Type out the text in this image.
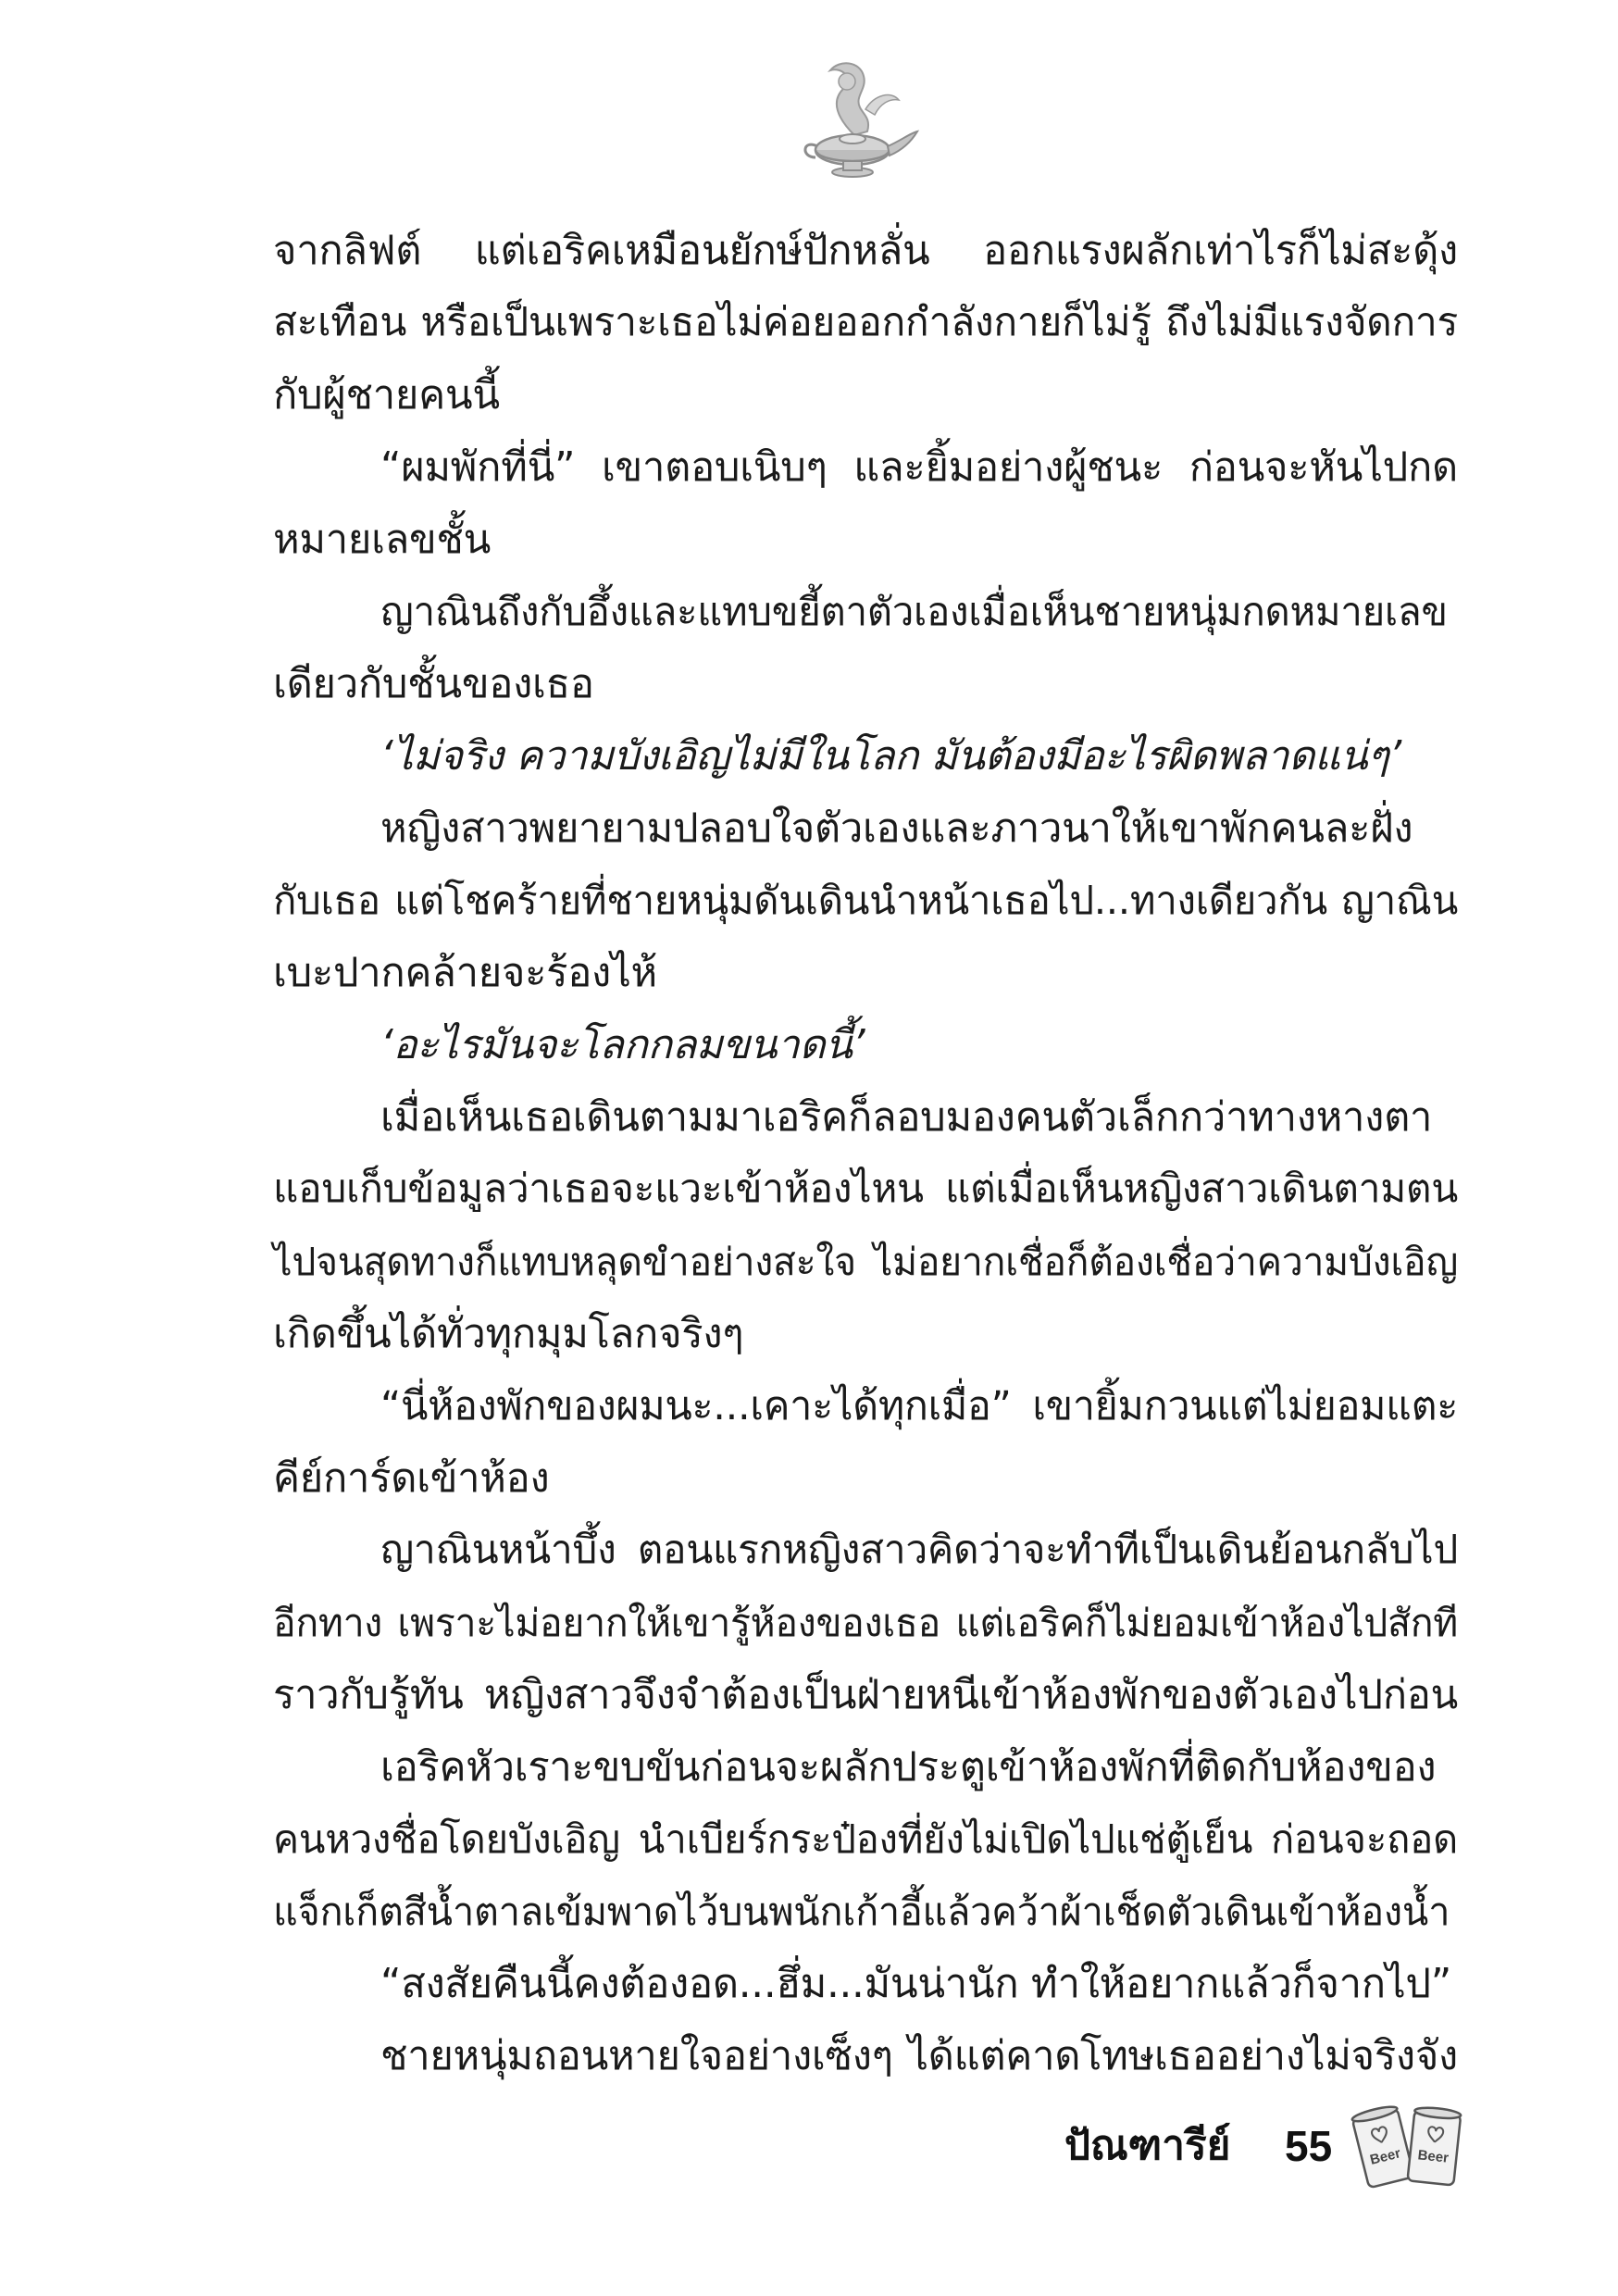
จากลิฟต์ แต่เอริคเหมือนยักษ์ปักหลั่น ออกแรงผลักเท่าไรก็ไม่สะดุ้ง

สะเทือน หรือเป็นเพราะเธอไม่ค่อยออกกำลังกายก็ไม่รู้ ถึงไม่มีแรงจัดการ

กับผู้ชายคนนี้

“ผมพักที่นี่” เขาตอบเนิบๆ และยิ้มอย่างผู้ชนะ ก่อนจะหันไปกด

หมายเลขชั้น

ญาณินถึงกับอึ้งและแทบขยี้ตาตัวเองเมื่อเห็นชายหนุ่มกดหมายเลข

เดียวกับชั้นของเธอ

‘ไม่จริง ความบังเอิญไม่มีในโลก มันต้องมีอะไรผิดพลาดแน่ๆ’

หญิงสาวพยายามปลอบใจตัวเองและภาวนาให้เขาพักคนละฝั่ง

กับเธอ แต่โชคร้ายที่ชายหนุ่มดันเดินนำหน้าเธอไป...ทางเดียวกัน ญาณิน

เบะปากคล้ายจะร้องไห้

‘อะไรมันจะโลกกลมขนาดนี้’

เมื่อเห็นเธอเดินตามมาเอริคก็ลอบมองคนตัวเล็กกว่าทางหางตา

แอบเก็บข้อมูลว่าเธอจะแวะเข้าห้องไหน แต่เมื่อเห็นหญิงสาวเดินตามตน

ไปจนสุดทางก็แทบหลุดขำอย่างสะใจ ไม่อยากเชื่อก็ต้องเชื่อว่าความบังเอิญ

เกิดขึ้นได้ทั่วทุกมุมโลกจริงๆ

“นี่ห้องพักของผมนะ...เคาะได้ทุกเมื่อ” เขายิ้มกวนแต่ไม่ยอมแตะ

คีย์การ์ดเข้าห้อง

ญาณินหน้าบึ้ง ตอนแรกหญิงสาวคิดว่าจะทำทีเป็นเดินย้อนกลับไป

อีกทาง เพราะไม่อยากให้เขารู้ห้องของเธอ แต่เอริคก็ไม่ยอมเข้าห้องไปสักที

ราวกับรู้ทัน หญิงสาวจึงจำต้องเป็นฝ่ายหนีเข้าห้องพักของตัวเองไปก่อน

เอริคหัวเราะขบขันก่อนจะผลักประตูเข้าห้องพักที่ติดกับห้องของ

คนหวงชื่อโดยบังเอิญ นำเบียร์กระป๋องที่ยังไม่เปิดไปแช่ตู้เย็น ก่อนจะถอด

แจ็กเก็ตสีน้ำตาลเข้มพาดไว้บนพนักเก้าอี้แล้วคว้าผ้าเช็ดตัวเดินเข้าห้องน้ำ

“สงสัยคืนนี้คงต้องอด...ฮึ่ม...มันน่านัก ทำให้อยากแล้วก็จากไป”

ชายหนุ่มถอนหายใจอย่างเซ็งๆ ได้แต่คาดโทษเธออย่างไม่จริงจัง

ปัณฑารีย์ 55	Beer Beer
